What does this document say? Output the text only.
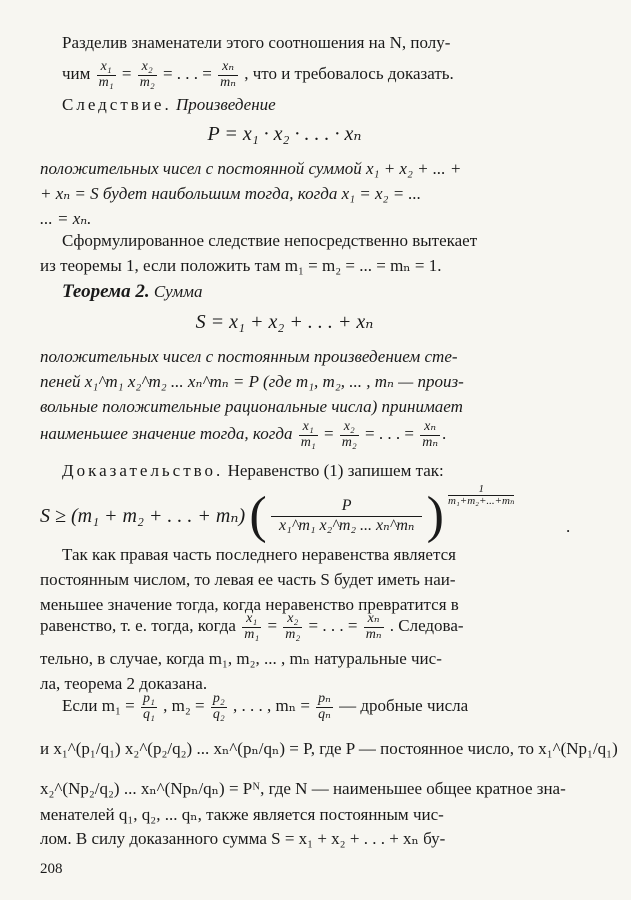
Разделив знаменатели этого соотношения на N, полу-
чим $\frac{\text{x₁}}{\text{m₁}} = \frac{\text{x₂}}{\text{m₂}}$ = . . . = $\frac{\text{xₙ}}{\text{mₙ}}$ , что и требовалось доказать.
Следствие. Произведение
P = x₁ · x₂ · . . . · xₙ
положительных чисел с постоянной суммой x₁ + x₂ + ... +
+ xₙ = S будет наибольшим тогда, когда x₁ = x₂ = ...
... = xₙ.
Сформулированное следствие непосредственно вытекает
из теоремы 1, если положить там m₁ = m₂ = ... = mₙ = 1.
Теорема 2. Сумма
S = x₁ + x₂ + . . . + xₙ
положительных чисел с постоянным произведением сте-
пеней x₁^m₁ x₂^m₂ ... xₙ^mₙ = P (где m₁, m₂, ... , mₙ — произ-
вольные положительные рациональные числа) принимает
наименьшее значение тогда, когда $\frac{\text{x₁}}{\text{m₁}} = \frac{\text{x₂}}{\text{m₂}}$ = . . . = $\frac{\text{xₙ}}{\text{mₙ}}$ .
Доказательство. Неравенство (1) запишем так:
S ≥ (m₁ + m₂ + . . . + mₙ) ( $\frac{P}{\text{x₁\textasciicircum{}m₁ x₂\textasciicircum{}m₂ ... xₙ\textasciicircum{}mₙ}}$ )	1
m₁+m₂+...+mₙ
.
Так как правая часть последнего неравенства является
постоянным числом, то левая ее часть S будет иметь наи-
меньшее значение тогда, когда неравенство превратится в
равенство, т. е. тогда, когда $\frac{\text{x₁}}{\text{m₁}} = \frac{\text{x₂}}{\text{m₂}}$ = . . . = $\frac{\text{xₙ}}{\text{mₙ}}$ . Следова-
тельно, в случае, когда m₁, m₂, ... , mₙ натуральные чис-
ла, теорема 2 доказана.
Если $m_1 = \frac{\text{p₁}}{\text{q₁}}$ , $m_2 = \frac{\text{p₂}}{\text{q₂}}$ , . . . , $m_n = \frac{\text{pₙ}}{\text{qₙ}}$ — дробные числа
и x₁^(p₁/q₁) x₂^(p₂/q₂) ... xₙ^(pₙ/qₙ) = P, где P — постоянное число, то x₁^(Np₁/q₁)
x₂^(Np₂/q₂) ... xₙ^(Npₙ/qₙ) = Pᴺ, где N — наименьшее общее кратное зна-
менателей q₁, q₂, ... qₙ, также является постоянным чис-
лом. В силу доказанного сумма S = x₁ + x₂ + . . . + xₙ бу-
208
